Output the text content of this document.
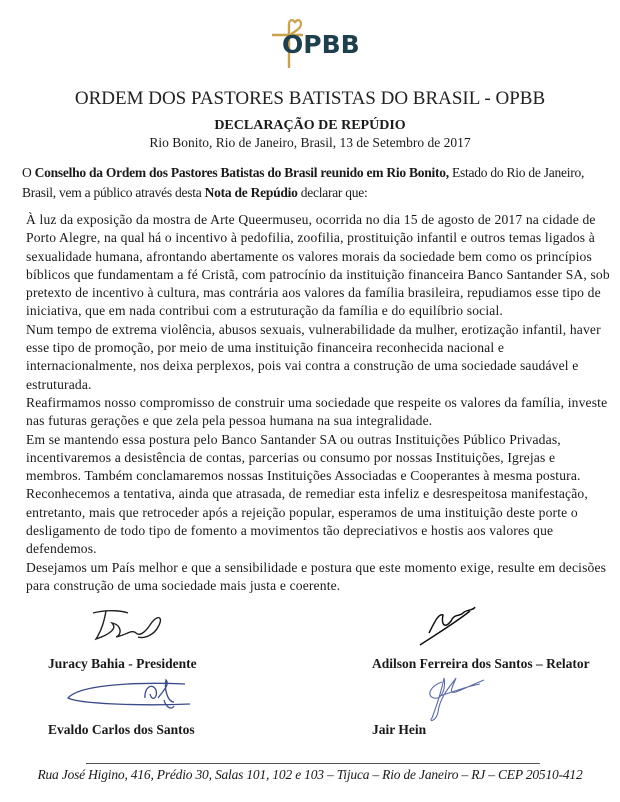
OPBB
ORDEM DOS PASTORES BATISTAS DO BRASIL - OPBB
DECLARAÇÃO DE REPÚDIO
Rio Bonito, Rio de Janeiro, Brasil, 13 de Setembro de 2017
O Conselho da Ordem dos Pastores Batistas do Brasil reunido em Rio Bonito, Estado do Rio de Janeiro, Brasil, vem a público através desta Nota de Repúdio declarar que:

À luz da exposição da mostra de Arte Queermuseu, ocorrida no dia 15 de agosto de 2017 na cidade de Porto Alegre, na qual há o incentivo à pedofilia, zoofilia, prostituição infantil e outros temas ligados à sexualidade humana, afrontando abertamente os valores morais da sociedade bem como os princípios bíblicos que fundamentam a fé Cristã, com patrocínio da instituição financeira Banco Santander SA, sob pretexto de incentivo à cultura, mas contrária aos valores da família brasileira, repudiamos esse tipo de iniciativa, que em nada contribui com a estruturação da família e do equilíbrio social.

Num tempo de extrema violência, abusos sexuais, vulnerabilidade da mulher, erotização infantil, haver esse tipo de promoção, por meio de uma instituição financeira reconhecida nacional e internacionalmente, nos deixa perplexos, pois vai contra a construção de uma sociedade saudável e estruturada.

Reafirmamos nosso compromisso de construir uma sociedade que respeite os valores da família, investe nas futuras gerações e que zela pela pessoa humana na sua integralidade.

Em se mantendo essa postura pelo Banco Santander SA ou outras Instituições Público Privadas, incentivaremos a desistência de contas, parcerias ou consumo por nossas Instituições, Igrejas e membros. Também conclamaremos nossas Instituições Associadas e Cooperantes à mesma postura.

Reconhecemos a tentativa, ainda que atrasada, de remediar esta infeliz e desrespeitosa manifestação, entretanto, mais que retroceder após a rejeição popular, esperamos de uma instituição deste porte o desligamento de todo tipo de fomento a movimentos tão depreciativos e hostis aos valores que defendemos.

Desejamos um País melhor e que a sensibilidade e postura que este momento exige, resulte em decisões para construção de uma sociedade mais justa e coerente.

Juracy Bahia - Presidente	Adilson Ferreira dos Santos – Relator
Evaldo Carlos dos Santos	Jair Hein
Rua José Higino, 416, Prédio 30, Salas 101, 102 e 103 – Tijuca – Rio de Janeiro – RJ – CEP 20510-412
